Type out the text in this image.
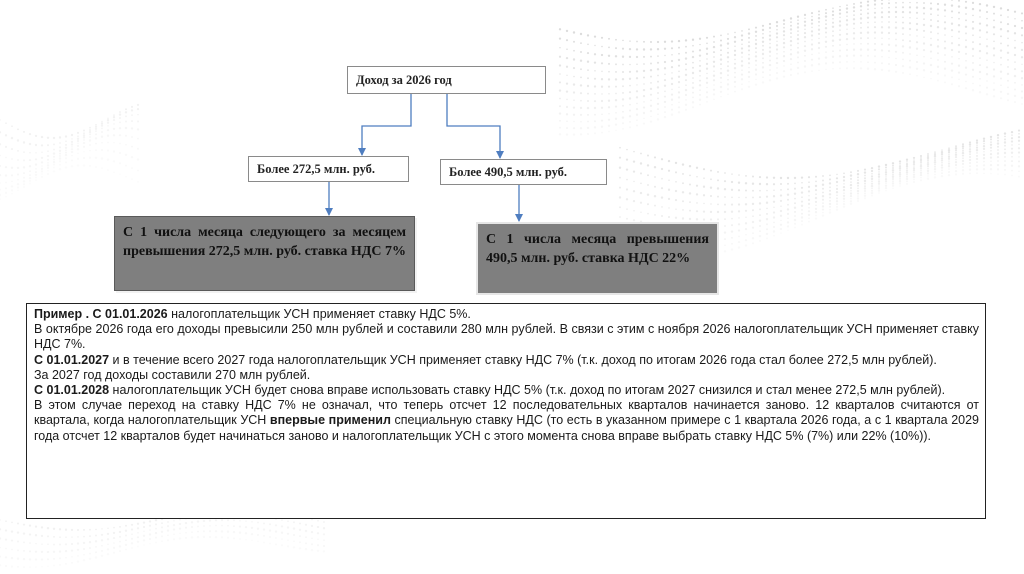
Доход за 2026 год
Более 272,5 млн. руб.	Более 490,5 млн. руб.
С 1 числа месяца следующего за месяцем превышения 272,5 млн. руб. ставка НДС 7%
С 1 числа месяца превышения 490,5 млн. руб. ставка НДС 22%

Пример . С 01.01.2026 налогоплательщик УСН применяет ставку НДС 5%.

В октябре 2026 года его доходы превысили 250 млн рублей и составили 280 млн рублей. В связи с этим с ноября 2026 налогоплательщик УСН применяет ставку НДС 7%.

С 01.01.2027 и в течение всего 2027 года налогоплательщик УСН применяет ставку НДС 7% (т.к. доход по итогам 2026 года стал более 272,5 млн рублей).

За 2027 год доходы составили 270 млн рублей.

С 01.01.2028 налогоплательщик УСН будет снова вправе использовать ставку НДС 5% (т.к. доход по итогам 2027 снизился и стал менее 272,5 млн рублей).

В этом случае переход на ставку НДС 7% не означал, что теперь отсчет 12 последовательных кварталов начинается заново. 12 кварталов считаются от квартала, когда налогоплательщик УСН впервые применил специальную ставку НДС (то есть в указанном примере с 1 квартала 2026 года, а с 1 квартала 2029 года отсчет 12 кварталов будет начинаться заново и налогоплательщик УСН с этого момента снова вправе выбрать ставку НДС 5% (7%) или 22% (10%)).
